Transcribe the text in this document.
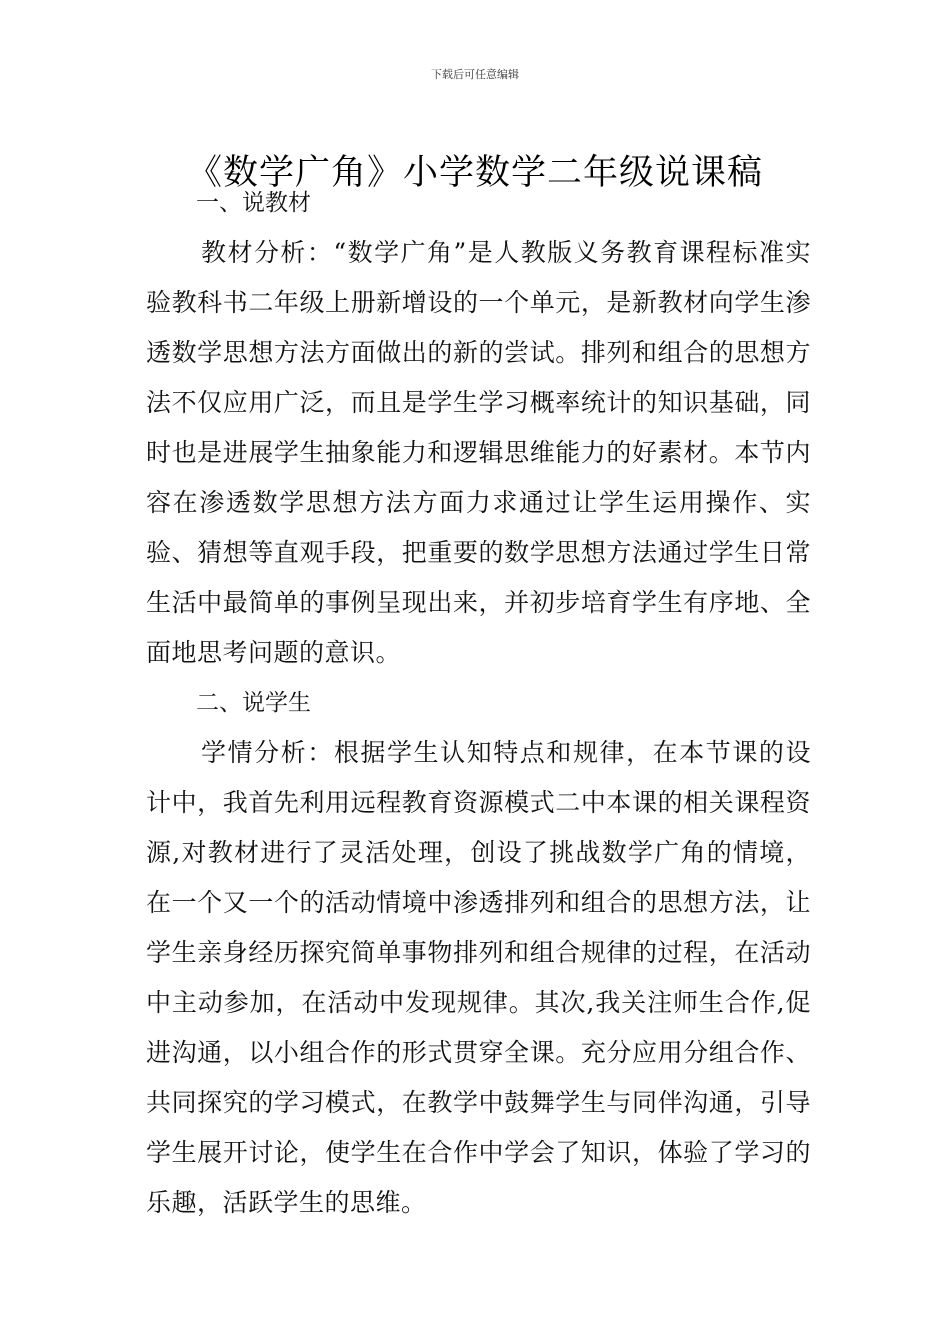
下载后可任意编辑
《数学广角》小学数学二年级说课稿
一、说教材

教材分析：“数学广角”是人教版义务教育课程标准实验教科书二年级上册新增设的一个单元，是新教材向学生渗透数学思想方法方面做出的新的尝试。排列和组合的思想方法不仅应用广泛，而且是学生学习概率统计的知识基础，同时也是进展学生抽象能力和逻辑思维能力的好素材。本节内容在渗透数学思想方法方面力求通过让学生运用操作、实验、猜想等直观手段，把重要的数学思想方法通过学生日常生活中最简单的事例呈现出来，并初步培育学生有序地、全面地思考问题的意识。

二、说学生

学情分析：根据学生认知特点和规律，在本节课的设计中，我首先利用远程教育资源模式二中本课的相关课程资源,对教材进行了灵活处理，创设了挑战数学广角的情境，在一个又一个的活动情境中渗透排列和组合的思想方法，让学生亲身经历探究简单事物排列和组合规律的过程，在活动中主动参加，在活动中发现规律。其次,我关注师生合作,促进沟通，以小组合作的形式贯穿全课。充分应用分组合作、共同探究的学习模式，在教学中鼓舞学生与同伴沟通，引导学生展开讨论，使学生在合作中学会了知识，体验了学习的乐趣，活跃学生的思维。
